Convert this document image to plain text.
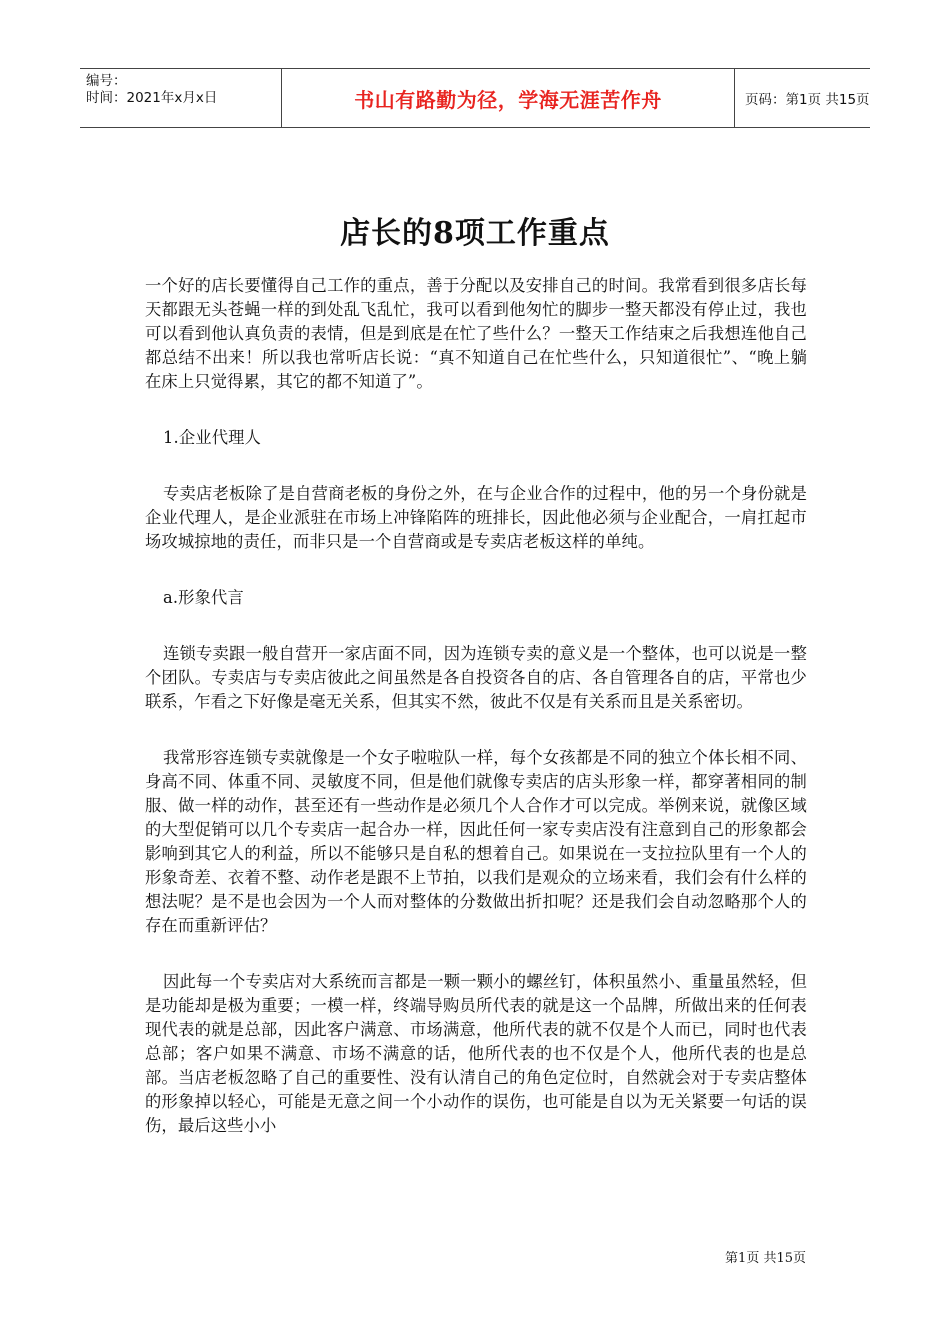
编号：
时间：2021年x月x日	书山有路勤为径，学海无涯苦作舟	页码：第1页 共15页
店长的8项工作重点

一个好的店长要懂得自己工作的重点，善于分配以及安排自己的时间。我常看到很多店长每天都跟无头苍蝇一样的到处乱飞乱忙，我可以看到他匆忙的脚步一整天都没有停止过，我也可以看到他认真负责的表情，但是到底是在忙了些什么？一整天工作结束之后我想连他自己都总结不出来！所以我也常听店长说：“真不知道自己在忙些什么，只知道很忙”、“晚上躺在床上只觉得累，其它的都不知道了”。

1.企业代理人

专卖店老板除了是自营商老板的身份之外，在与企业合作的过程中，他的另一个身份就是企业代理人，是企业派驻在市场上冲锋陷阵的班排长，因此他必须与企业配合，一肩扛起市场攻城掠地的责任，而非只是一个自营商或是专卖店老板这样的单纯。

a.形象代言

连锁专卖跟一般自营开一家店面不同，因为连锁专卖的意义是一个整体，也可以说是一整个团队。专卖店与专卖店彼此之间虽然是各自投资各自的店、各自管理各自的店，平常也少联系，乍看之下好像是毫无关系，但其实不然，彼此不仅是有关系而且是关系密切。

我常形容连锁专卖就像是一个女子啦啦队一样，每个女孩都是不同的独立个体长相不同、身高不同、体重不同、灵敏度不同，但是他们就像专卖店的店头形象一样，都穿著相同的制服、做一样的动作，甚至还有一些动作是必须几个人合作才可以完成。举例来说，就像区域的大型促销可以几个专卖店一起合办一样，因此任何一家专卖店没有注意到自己的形象都会影响到其它人的利益，所以不能够只是自私的想着自己。如果说在一支拉拉队里有一个人的形象奇差、衣着不整、动作老是跟不上节拍，以我们是观众的立场来看，我们会有什么样的想法呢？是不是也会因为一个人而对整体的分数做出折扣呢？还是我们会自动忽略那个人的存在而重新评估？

因此每一个专卖店对大系统而言都是一颗一颗小的螺丝钉，体积虽然小、重量虽然轻，但是功能却是极为重要；一模一样，终端导购员所代表的就是这一个品牌，所做出来的任何表现代表的就是总部，因此客户满意、市场满意，他所代表的就不仅是个人而已，同时也代表总部；客户如果不满意、市场不满意的话，他所代表的也不仅是个人，他所代表的也是总部。当店老板忽略了自己的重要性、没有认清自己的角色定位时，自然就会对于专卖店整体的形象掉以轻心，可能是无意之间一个小动作的误伤，也可能是自以为无关紧要一句话的误伤，最后这些小小

第1页 共15页
